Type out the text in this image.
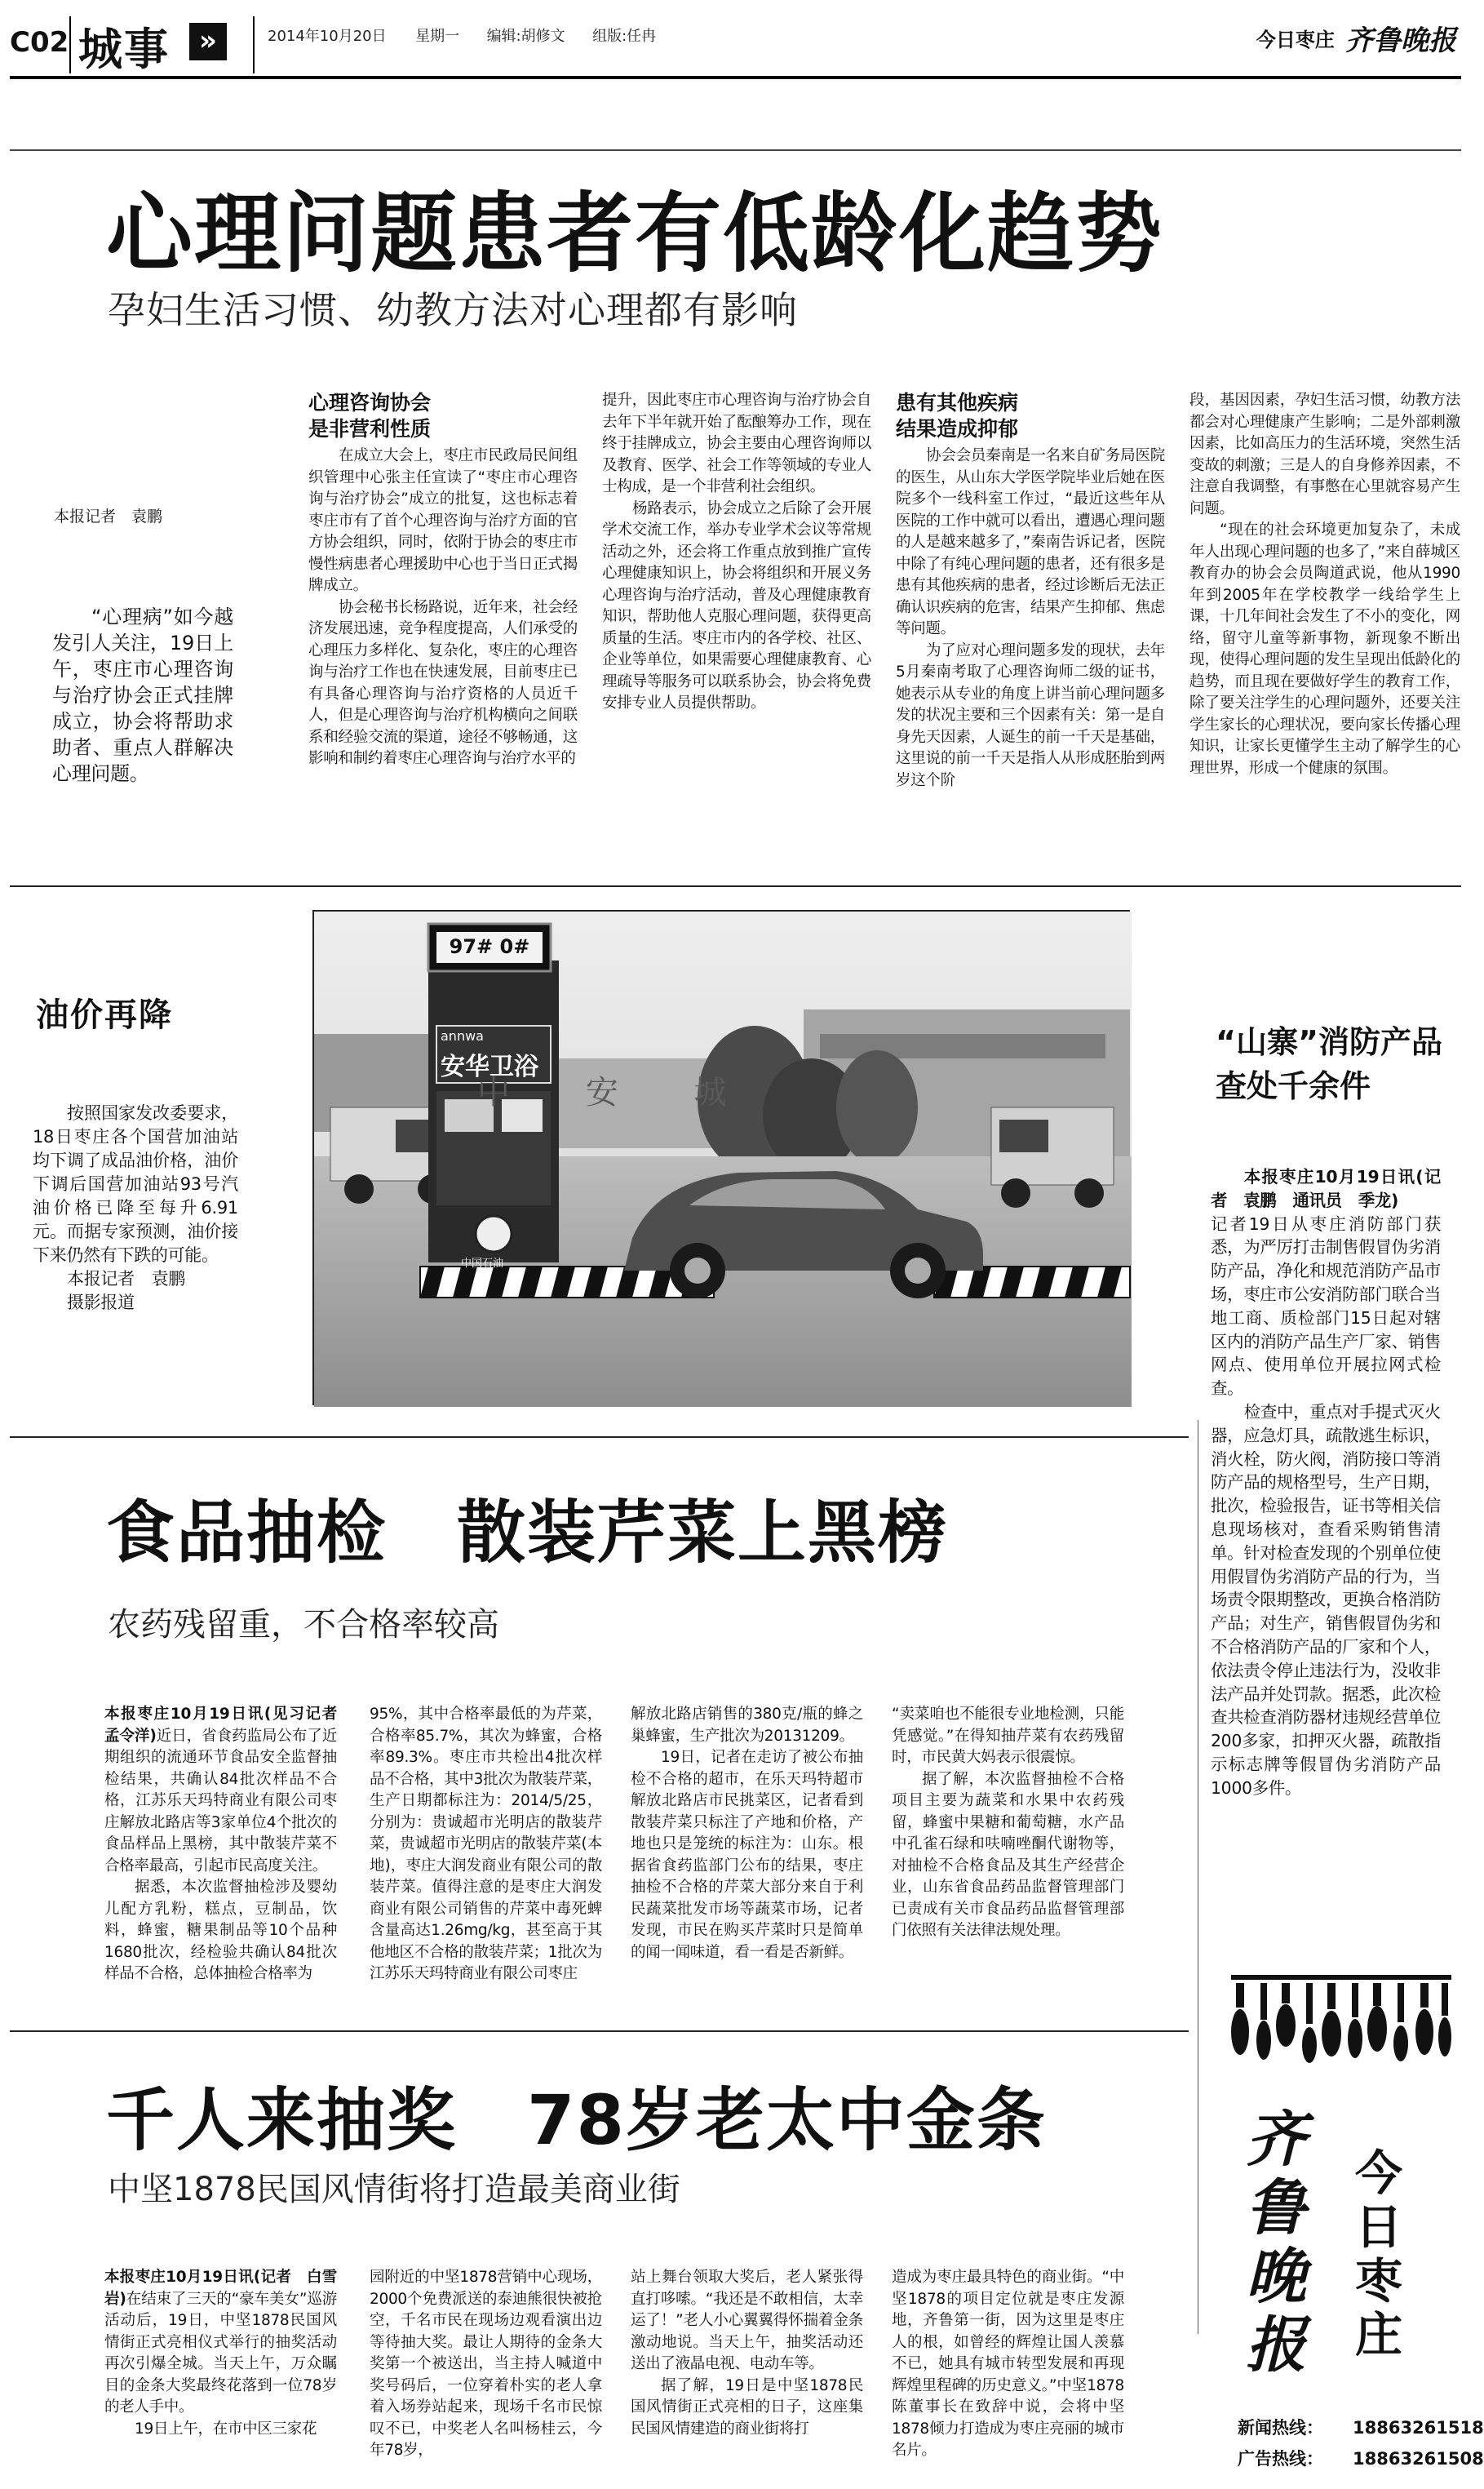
C02 城事	»	2014年10月20日 星期一 编辑:胡修文 组版:任冉	今日枣庄 齐鲁晚报
心理问题患者有低龄化趋势
孕妇生活习惯、幼教方法对心理都有影响
本报记者　袁鹏

“心理病”如今越发引人关注，19日上午，枣庄市心理咨询与治疗协会正式挂牌成立，协会将帮助求助者、重点人群解决心理问题。

心理咨询协会
是非营利性质

在成立大会上，枣庄市民政局民间组织管理中心张主任宣读了“枣庄市心理咨询与治疗协会”成立的批复，这也标志着枣庄市有了首个心理咨询与治疗方面的官方协会组织，同时，依附于协会的枣庄市慢性病患者心理援助中心也于当日正式揭牌成立。

协会秘书长杨路说，近年来，社会经济发展迅速，竞争程度提高，人们承受的心理压力多样化、复杂化，枣庄的心理咨询与治疗工作也在快速发展，目前枣庄已有具备心理咨询与治疗资格的人员近千人，但是心理咨询与治疗机构横向之间联系和经验交流的渠道，途径不够畅通，这影响和制约着枣庄心理咨询与治疗水平的

提升，因此枣庄市心理咨询与治疗协会自去年下半年就开始了酝酿筹办工作，现在终于挂牌成立，协会主要由心理咨询师以及教育、医学、社会工作等领域的专业人士构成，是一个非营利社会组织。

杨路表示，协会成立之后除了会开展学术交流工作，举办专业学术会议等常规活动之外，还会将工作重点放到推广宣传心理健康知识上，协会将组织和开展义务心理咨询与治疗活动，普及心理健康教育知识，帮助他人克服心理问题，获得更高质量的生活。枣庄市内的各学校、社区、企业等单位，如果需要心理健康教育、心理疏导等服务可以联系协会，协会将免费安排专业人员提供帮助。

患有其他疾病
结果造成抑郁

协会会员秦南是一名来自矿务局医院的医生，从山东大学医学院毕业后她在医院多个一线科室工作过，“最近这些年从医院的工作中就可以看出，遭遇心理问题的人是越来越多了，”秦南告诉记者，医院中除了有纯心理问题的患者，还有很多是患有其他疾病的患者，经过诊断后无法正确认识疾病的危害，结果产生抑郁、焦虑等问题。

为了应对心理问题多发的现状，去年5月秦南考取了心理咨询师二级的证书，她表示从专业的角度上讲当前心理问题多发的状况主要和三个因素有关：第一是自身先天因素，人诞生的前一千天是基础，这里说的前一千天是指人从形成胚胎到两岁这个阶

段，基因因素，孕妇生活习惯，幼教方法都会对心理健康产生影响；二是外部刺激因素，比如高压力的生活环境，突然生活变故的刺激；三是人的自身修养因素，不注意自我调整，有事憋在心里就容易产生问题。

“现在的社会环境更加复杂了，未成年人出现心理问题的也多了，”来自薛城区教育办的协会会员陶道武说，他从1990年到2005年在学校教学一线给学生上课，十几年间社会发生了不小的变化，网络，留守儿童等新事物，新现象不断出现，使得心理问题的发生呈现出低龄化的趋势，而且现在要做好学生的教育工作，除了要关注学生的心理问题外，还要关注学生家长的心理状况，要向家长传播心理知识，让家长更懂学生主动了解学生的心理世界，形成一个健康的氛围。

油价再降

按照国家发改委要求，18日枣庄各个国营加油站均下调了成品油价格，油价下调后国营加油站93号汽油价格已降至每升6.91元。而据专家预测，油价接下来仍然有下跌的可能。

本报记者　袁鹏

摄影报道

97# 0#
annwa
安华卫浴
中国石油
中 安 城
“山寨”消防产品
查处千余件

本报枣庄10月19日讯(记者　袁鹏　通讯员　季龙)

记者19日从枣庄消防部门获悉，为严厉打击制售假冒伪劣消防产品，净化和规范消防产品市场，枣庄市公安消防部门联合当地工商、质检部门15日起对辖区内的消防产品生产厂家、销售网点、使用单位开展拉网式检查。

检查中，重点对手提式灭火器，应急灯具，疏散逃生标识，消火栓，防火阀，消防接口等消防产品的规格型号，生产日期，批次，检验报告，证书等相关信息现场核对，查看采购销售清单。针对检查发现的个别单位使用假冒伪劣消防产品的行为，当场责令限期整改，更换合格消防产品；对生产，销售假冒伪劣和不合格消防产品的厂家和个人，依法责令停止违法行为，没收非法产品并处罚款。据悉，此次检查共检查消防器材违规经营单位200多家，扣押灭火器，疏散指示标志牌等假冒伪劣消防产品1000多件。

食品抽检　散装芹菜上黑榜
农药残留重，不合格率较高

本报枣庄10月19日讯(见习记者　孟令洋)近日，省食药监局公布了近期组织的流通环节食品安全监督抽检结果，共确认84批次样品不合格，江苏乐天玛特商业有限公司枣庄解放北路店等3家单位4个批次的食品样品上黑榜，其中散装芹菜不合格率最高，引起市民高度关注。

据悉，本次监督抽检涉及婴幼儿配方乳粉，糕点，豆制品，饮料，蜂蜜，糖果制品等10个品种1680批次，经检验共确认84批次样品不合格，总体抽检合格率为

95%，其中合格率最低的为芹菜，合格率85.7%，其次为蜂蜜，合格率89.3%。枣庄市共检出4批次样品不合格，其中3批次为散装芹菜，生产日期都标注为：2014/5/25，分别为：贵诚超市光明店的散装芹菜，贵诚超市光明店的散装芹菜(本地)，枣庄大润发商业有限公司的散装芹菜。值得注意的是枣庄大润发商业有限公司销售的芹菜中毒死蜱含量高达1.26mg/kg，甚至高于其他地区不合格的散装芹菜；1批次为江苏乐天玛特商业有限公司枣庄

解放北路店销售的380克/瓶的蜂之巢蜂蜜，生产批次为20131209。

19日，记者在走访了被公布抽检不合格的超市，在乐天玛特超市解放北路店市民挑菜区，记者看到散装芹菜只标注了产地和价格，产地也只是笼统的标注为：山东。根据省食药监部门公布的结果，枣庄抽检不合格的芹菜大部分来自于利民蔬菜批发市场等蔬菜市场，记者发现，市民在购买芹菜时只是简单的闻一闻味道，看一看是否新鲜。

“卖菜咱也不能很专业地检测，只能凭感觉。”在得知抽芹菜有农药残留时，市民黄大妈表示很震惊。

据了解，本次监督抽检不合格项目主要为蔬菜和水果中农药残留，蜂蜜中果糖和葡萄糖，水产品中孔雀石绿和呋喃唑酮代谢物等，对抽检不合格食品及其生产经营企业，山东省食品药品监督管理部门已责成有关市食品药品监督管理部门依照有关法律法规处理。

千人来抽奖　78岁老太中金条
中坚1878民国风情街将打造最美商业街

本报枣庄10月19日讯(记者　白雪岩)在结束了三天的“豪车美女”巡游活动后，19日，中坚1878民国风情街正式亮相仪式举行的抽奖活动再次引爆全城。当天上午，万众瞩目的金条大奖最终花落到一位78岁的老人手中。

19日上午，在市中区三家花

园附近的中坚1878营销中心现场，2000个免费派送的泰迪熊很快被抢空，千名市民在现场边观看演出边等待抽大奖。最让人期待的金条大奖第一个被送出，当主持人喊道中奖号码后，一位穿着朴实的老人拿着入场券站起来，现场千名市民惊叹不已，中奖老人名叫杨桂云，今年78岁，

站上舞台领取大奖后，老人紧张得直打哆嗦。“我还是不敢相信，太幸运了！”老人小心翼翼得怀揣着金条激动地说。当天上午，抽奖活动还送出了液晶电视、电动车等。

据了解，19日是中坚1878民国风情街正式亮相的日子，这座集民国风情建造的商业街将打

造成为枣庄最具特色的商业街。“中坚1878的项目定位就是枣庄发源地，齐鲁第一街，因为这里是枣庄人的根，如曾经的辉煌让国人羡慕不已，她具有城市转型发展和再现辉煌里程碑的历史意义。”中坚1878陈董事长在致辞中说，会将中坚1878倾力打造成为枣庄亮丽的城市名片。

齐鲁晚报
今日枣庄
新闻热线： 18863261518
广告热线： 18863261508
